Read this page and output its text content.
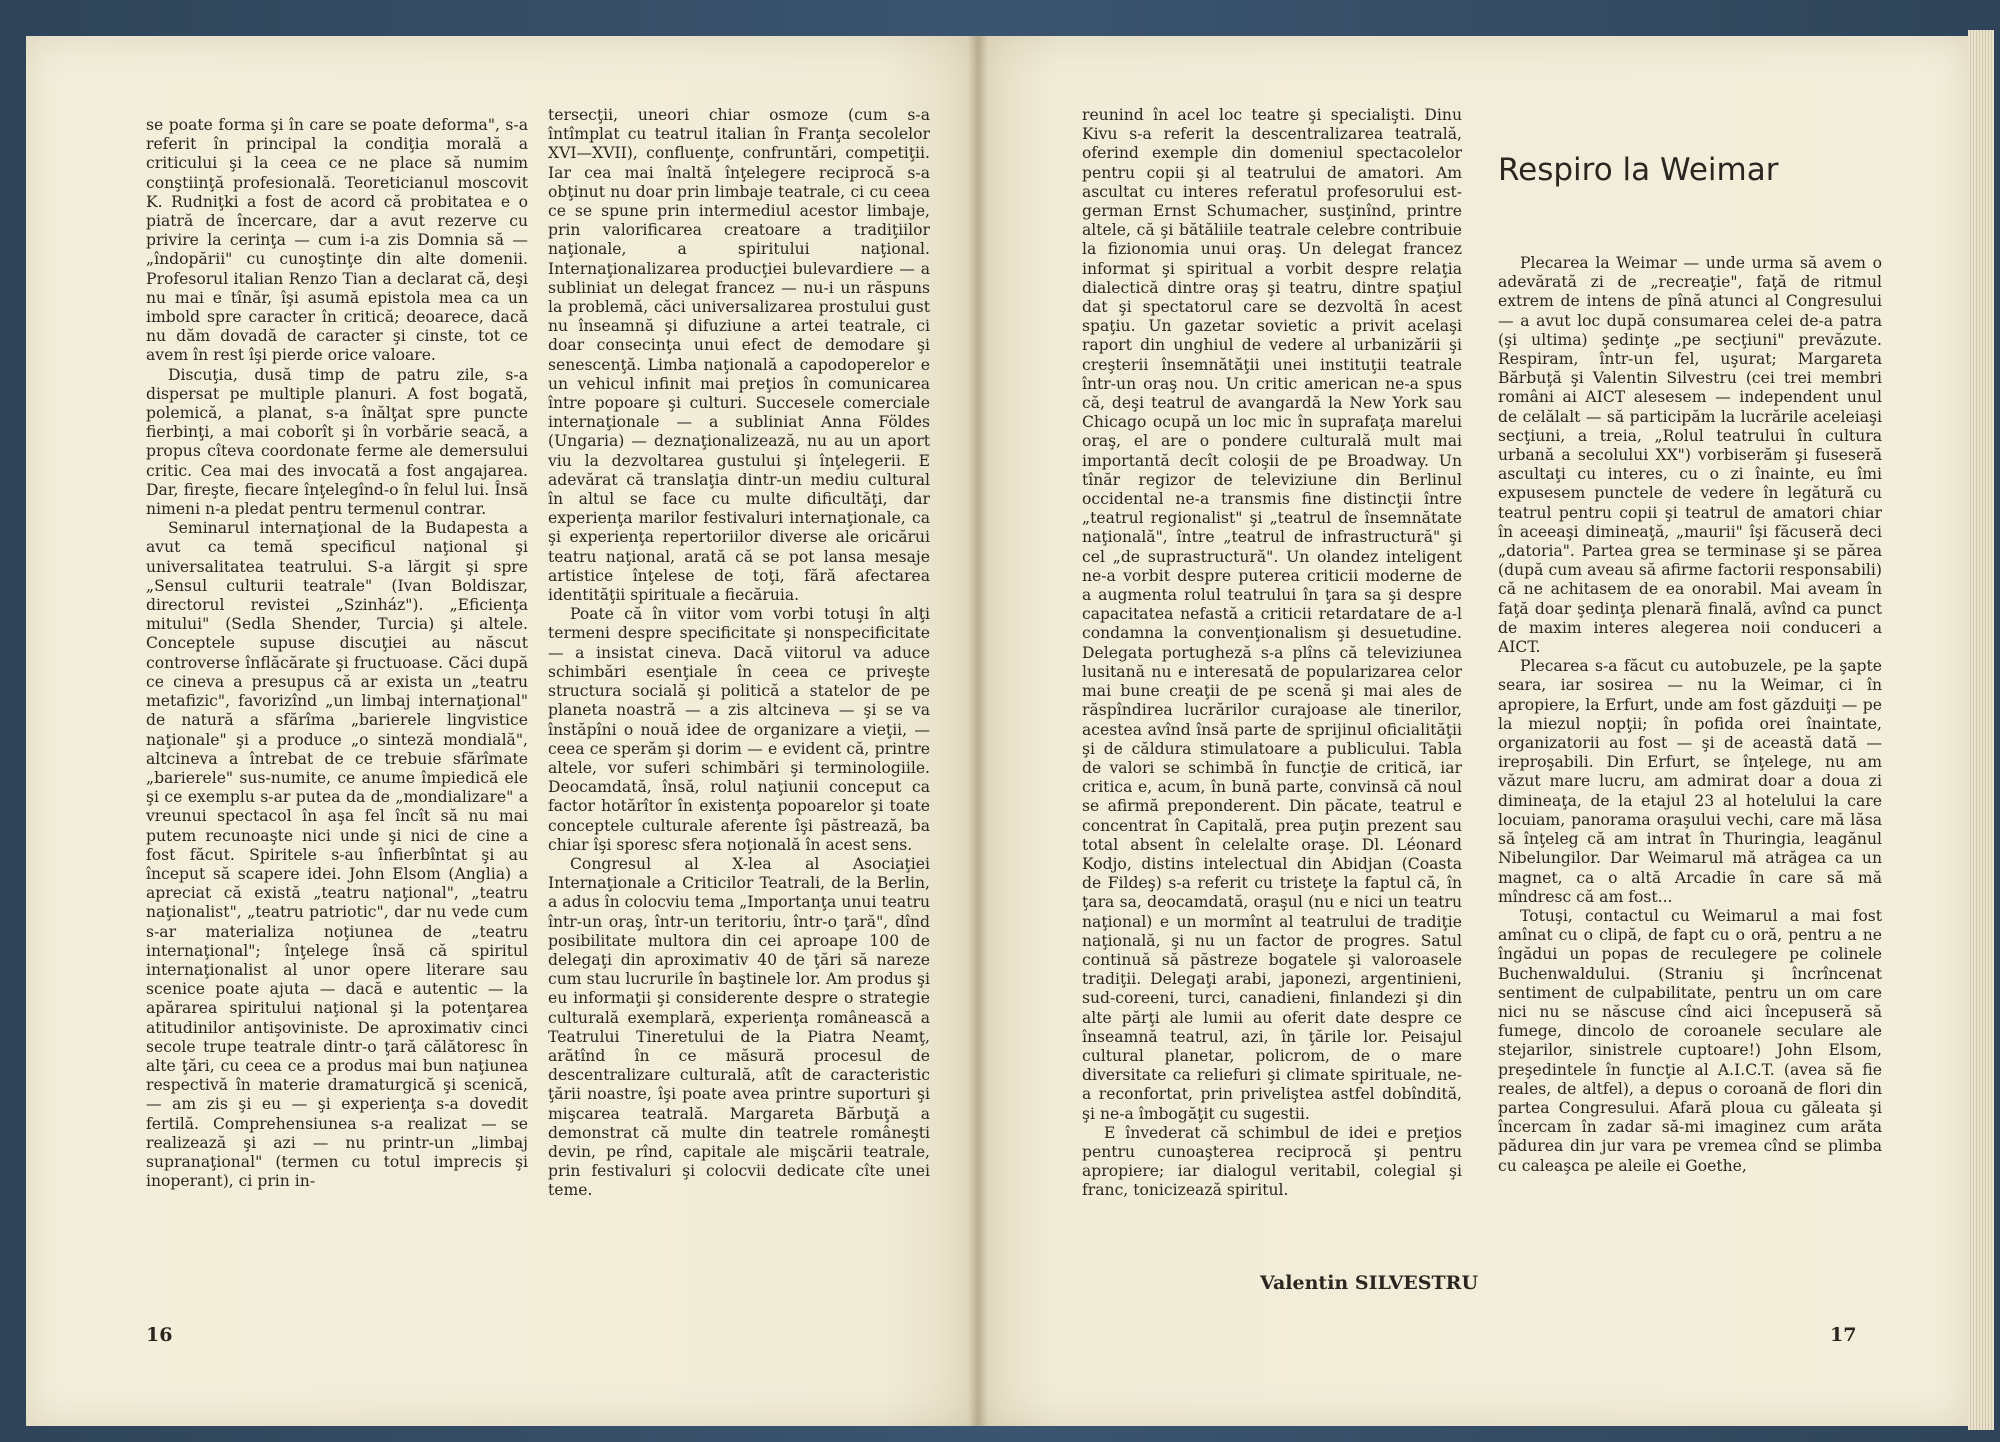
se poate forma şi în care se poate deforma", s-a referit în principal la condiţia morală a criticului şi la ceea ce ne place să numim conştiinţă profesională. Teoreticianul moscovit K. Rudniţki a fost de acord că probitatea e o piatră de încercare, dar a avut rezerve cu privire la cerinţa — cum i-a zis Domnia să — „îndopării" cu cunoştinţe din alte domenii. Profesorul italian Renzo Tian a declarat că, deşi nu mai e tînăr, îşi asumă epistola mea ca un imbold spre caracter în critică; deoarece, dacă nu dăm dovadă de caracter şi cinste, tot ce avem în rest îşi pierde orice valoare.

Discuţia, dusă timp de patru zile, s-a dispersat pe multiple planuri. A fost bogată, polemică, a planat, s-a înălţat spre puncte fierbinţi, a mai coborît şi în vorbărie seacă, a propus cîteva coordonate ferme ale demersului critic. Cea mai des invocată a fost angajarea. Dar, fireşte, fiecare înţelegînd-o în felul lui. Însă nimeni n-a pledat pentru termenul contrar.

Seminarul internaţional de la Budapesta a avut ca temă specificul naţional şi universalitatea teatrului. S-a lărgit şi spre „Sensul culturii teatrale" (Ivan Boldiszar, directorul revistei „Szinház"). „Eficienţa mitului" (Sedla Shender, Turcia) şi altele. Conceptele supuse discuţiei au născut controverse înflăcărate şi fructuoase. Căci după ce cineva a presupus că ar exista un „teatru metafizic", favorizînd „un limbaj internaţional" de natură a sfărîma „barierele lingvistice naţionale" şi a produce „o sinteză mondială", altcineva a întrebat de ce trebuie sfărîmate „barierele" sus-numite, ce anume împiedică ele şi ce exemplu s-ar putea da de „mondializare" a vreunui spectacol în aşa fel încît să nu mai putem recunoaşte nici unde şi nici de cine a fost făcut. Spiritele s-au înfierbîntat şi au început să scapere idei. John Elsom (Anglia) a apreciat că există „teatru naţional", „teatru naţionalist", „teatru patriotic", dar nu vede cum s-ar materializa noţiunea de „teatru internaţional"; înţelege însă că spiritul internaţionalist al unor opere literare sau scenice poate ajuta — dacă e autentic — la apărarea spiritului naţional şi la potenţarea atitudinilor antişoviniste. De aproximativ cinci secole trupe teatrale dintr-o ţară călătoresc în alte ţări, cu ceea ce a produs mai bun naţiunea respectivă în materie dramaturgică şi scenică, — am zis şi eu — şi experienţa s-a dovedit fertilă. Comprehensiunea s-a realizat — se realizează şi azi — nu printr-un „limbaj supranaţional" (termen cu totul imprecis şi inoperant), ci prin in-

tersecţii, uneori chiar osmoze (cum s-a întîmplat cu teatrul italian în Franţa secolelor XVI—XVII), confluenţe, confruntări, competiţii. Iar cea mai înaltă înţelegere reciprocă s-a obţinut nu doar prin limbaje teatrale, ci cu ceea ce se spune prin intermediul acestor limbaje, prin valorificarea creatoare a tradiţiilor naţionale, a spiritului naţional. Internaţionalizarea producţiei bulevardiere — a subliniat un delegat francez — nu-i un răspuns la problemă, căci universalizarea prostului gust nu înseamnă şi difuziune a artei teatrale, ci doar consecinţa unui efect de demodare şi senescenţă. Limba naţională a capodoperelor e un vehicul infinit mai preţios în comunicarea între popoare şi culturi. Succesele comerciale internaţionale — a subliniat Anna Földes (Ungaria) — deznaţionalizează, nu au un aport viu la dezvoltarea gustului şi înţelegerii. E adevărat că translaţia dintr-un mediu cultural în altul se face cu multe dificultăţi, dar experienţa marilor festivaluri internaţionale, ca şi experienţa repertoriilor diverse ale oricărui teatru naţional, arată că se pot lansa mesaje artistice înţelese de toţi, fără afectarea identităţii spirituale a fiecăruia.

Poate că în viitor vom vorbi totuşi în alţi termeni despre specificitate şi nonspecificitate — a insistat cineva. Dacă viitorul va aduce schimbări esenţiale în ceea ce priveşte structura socială şi politică a statelor de pe planeta noastră — a zis altcineva — şi se va înstăpîni o nouă idee de organizare a vieţii, — ceea ce sperăm şi dorim — e evident că, printre altele, vor suferi schimbări şi terminologiile. Deocamdată, însă, rolul naţiunii conceput ca factor hotărîtor în existenţa popoarelor şi toate conceptele culturale aferente îşi păstrează, ba chiar îşi sporesc sfera noţională în acest sens.

Congresul al X-lea al Asociaţiei Internaţionale a Criticilor Teatrali, de la Berlin, a adus în colocviu tema „Importanţa unui teatru într-un oraş, într-un teritoriu, într-o ţară", dînd posibilitate multora din cei aproape 100 de delegaţi din aproximativ 40 de ţări să nareze cum stau lucrurile în baştinele lor. Am produs şi eu informaţii şi considerente despre o strategie culturală exemplară, experienţa românească a Teatrului Tineretului de la Piatra Neamţ, arătînd în ce măsură procesul de descentralizare culturală, atît de caracteristic ţării noastre, îşi poate avea printre suporturi şi mişcarea teatrală. Margareta Bărbuţă a demonstrat că multe din teatrele româneşti devin, pe rînd, capitale ale mişcării teatrale, prin festivaluri şi colocvii dedicate cîte unei teme.

16

reunind în acel loc teatre şi specialişti. Dinu Kivu s-a referit la descentralizarea teatrală, oferind exemple din domeniul spectacolelor pentru copii şi al teatrului de amatori. Am ascultat cu interes referatul profesorului est-german Ernst Schumacher, susţinînd, printre altele, că şi bătăliile teatrale celebre contribuie la fizionomia unui oraş. Un delegat francez informat şi spiritual a vorbit despre relaţia dialectică dintre oraş şi teatru, dintre spaţiul dat şi spectatorul care se dezvoltă în acest spaţiu. Un gazetar sovietic a privit acelaşi raport din unghiul de vedere al urbanizării şi creşterii însemnătăţii unei instituţii teatrale într-un oraş nou. Un critic american ne-a spus că, deşi teatrul de avangardă la New York sau Chicago ocupă un loc mic în suprafaţa marelui oraş, el are o pondere culturală mult mai importantă decît coloşii de pe Broadway. Un tînăr regizor de televiziune din Berlinul occidental ne-a transmis fine distincţii între „teatrul regionalist" şi „teatrul de însemnătate naţională", între „teatrul de infrastructură" şi cel „de suprastructură". Un olandez inteligent ne-a vorbit despre puterea criticii moderne de a augmenta rolul teatrului în ţara sa şi despre capacitatea nefastă a criticii retardatare de a-l condamna la convenţionalism şi desuetudine. Delegata portugheză s-a plîns că televiziunea lusitană nu e interesată de popularizarea celor mai bune creaţii de pe scenă şi mai ales de răspîndirea lucrărilor curajoase ale tinerilor, acestea avînd însă parte de sprijinul oficialităţii şi de căldura stimulatoare a publicului. Tabla de valori se schimbă în funcţie de critică, iar critica e, acum, în bună parte, convinsă că noul se afirmă preponderent. Din păcate, teatrul e concentrat în Capitală, prea puţin prezent sau total absent în celelalte oraşe. Dl. Léonard Kodjo, distins intelectual din Abidjan (Coasta de Fildeş) s-a referit cu tristeţe la faptul că, în ţara sa, deocamdată, oraşul (nu e nici un teatru naţional) e un mormînt al teatrului de tradiţie naţională, şi nu un factor de progres. Satul continuă să păstreze bogatele şi valoroasele tradiţii. Delegaţi arabi, japonezi, argentinieni, sud-coreeni, turci, canadieni, finlandezi şi din alte părţi ale lumii au oferit date despre ce înseamnă teatrul, azi, în ţările lor. Peisajul cultural planetar, policrom, de o mare diversitate ca reliefuri şi climate spirituale, ne-a reconfortat, prin priveliştea astfel dobîndită, şi ne-a îmbogăţit cu sugestii.

E învederat că schimbul de idei e preţios pentru cunoaşterea reciprocă şi pentru apropiere; iar dialogul veritabil, colegial şi franc, tonicizează spiritul.

Valentin SILVESTRU
Respiro la Weimar

Plecarea la Weimar — unde urma să avem o adevărată zi de „recreaţie", faţă de ritmul extrem de intens de pînă atunci al Congresului — a avut loc după consumarea celei de-a patra (şi ultima) şedinţe „pe secţiuni" prevăzute. Respiram, într-un fel, uşurat; Margareta Bărbuţă şi Valentin Silvestru (cei trei membri români ai AICT alesesem — independent unul de celălalt — să participăm la lucrările aceleiaşi secţiuni, a treia, „Rolul teatrului în cultura urbană a secolului XX") vorbiserăm şi fuseseră ascultaţi cu interes, cu o zi înainte, eu îmi expusesem punctele de vedere în legătură cu teatrul pentru copii şi teatrul de amatori chiar în aceeaşi dimineaţă, „maurii" îşi făcuseră deci „datoria". Partea grea se terminase şi se părea (după cum aveau să afirme factorii responsabili) că ne achitasem de ea onorabil. Mai aveam în faţă doar şedinţa plenară finală, avînd ca punct de maxim interes alegerea noii conduceri a AICT.

Plecarea s-a făcut cu autobuzele, pe la şapte seara, iar sosirea — nu la Weimar, ci în apropiere, la Erfurt, unde am fost găzduiţi — pe la miezul nopţii; în pofida orei înaintate, organizatorii au fost — şi de această dată — ireproşabili. Din Erfurt, se înţelege, nu am văzut mare lucru, am admirat doar a doua zi dimineaţa, de la etajul 23 al hotelului la care locuiam, panorama oraşului vechi, care mă lăsa să înţeleg că am intrat în Thuringia, leagănul Nibelungilor. Dar Weimarul mă atrăgea ca un magnet, ca o altă Arcadie în care să mă mîndresc că am fost...

Totuşi, contactul cu Weimarul a mai fost amînat cu o clipă, de fapt cu o oră, pentru a ne îngădui un popas de reculegere pe colinele Buchenwaldului. (Straniu şi încrîncenat sentiment de culpabilitate, pentru un om care nici nu se născuse cînd aici începuseră să fumege, dincolo de coroanele seculare ale stejarilor, sinistrele cuptoare!) John Elsom, preşedintele în funcţie al A.I.C.T. (avea să fie reales, de altfel), a depus o coroană de flori din partea Congresului. Afară ploua cu găleata şi încercam în zadar să-mi imaginez cum arăta pădurea din jur vara pe vremea cînd se plimba cu caleaşca pe aleile ei Goethe,

17
